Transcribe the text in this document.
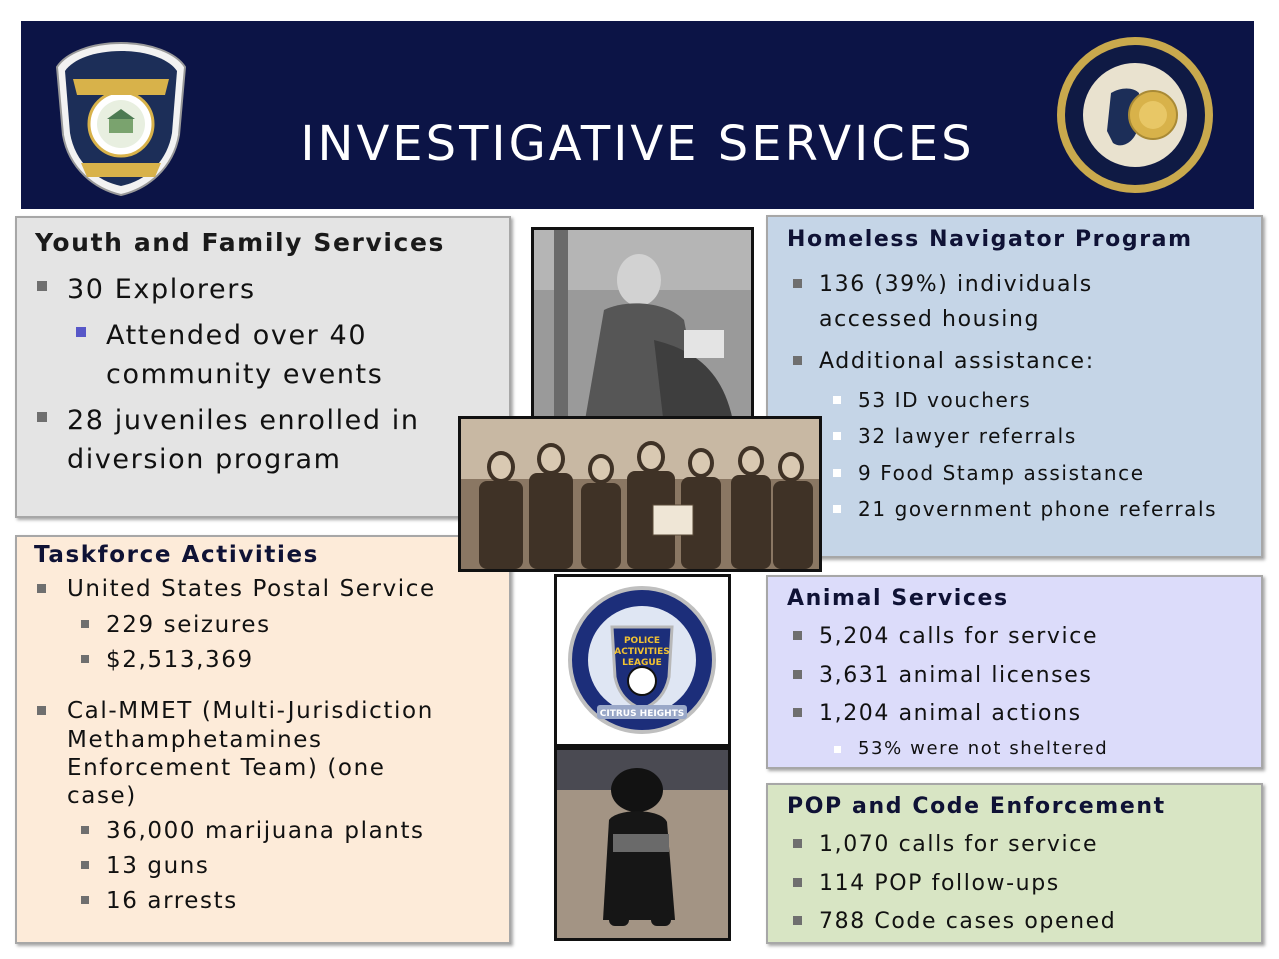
INVESTIGATIVE SERVICES
Youth and Family Services
30 Explorers
Attended over 40
community events
28 juveniles enrolled in
diversion program
Taskforce Activities
United States Postal Service
229 seizures
$2,513,369
Cal-MMET (Multi-Jurisdiction
Methamphetamines
Enforcement Team) (one
case)
36,000 marijuana plants
13 guns
16 arrests
Homeless Navigator Program
136 (39%) individuals
accessed housing
Additional assistance:
53 ID vouchers
32 lawyer referrals
9 Food Stamp assistance
21 government phone referrals
Animal Services
5,204 calls for service
3,631 animal licenses
1,204 animal actions
53% were not sheltered
POP and Code Enforcement
1,070 calls for service
114 POP follow-ups
788 Code cases opened
POLICE
ACTIVITIES
LEAGUE
CITRUS HEIGHTS
